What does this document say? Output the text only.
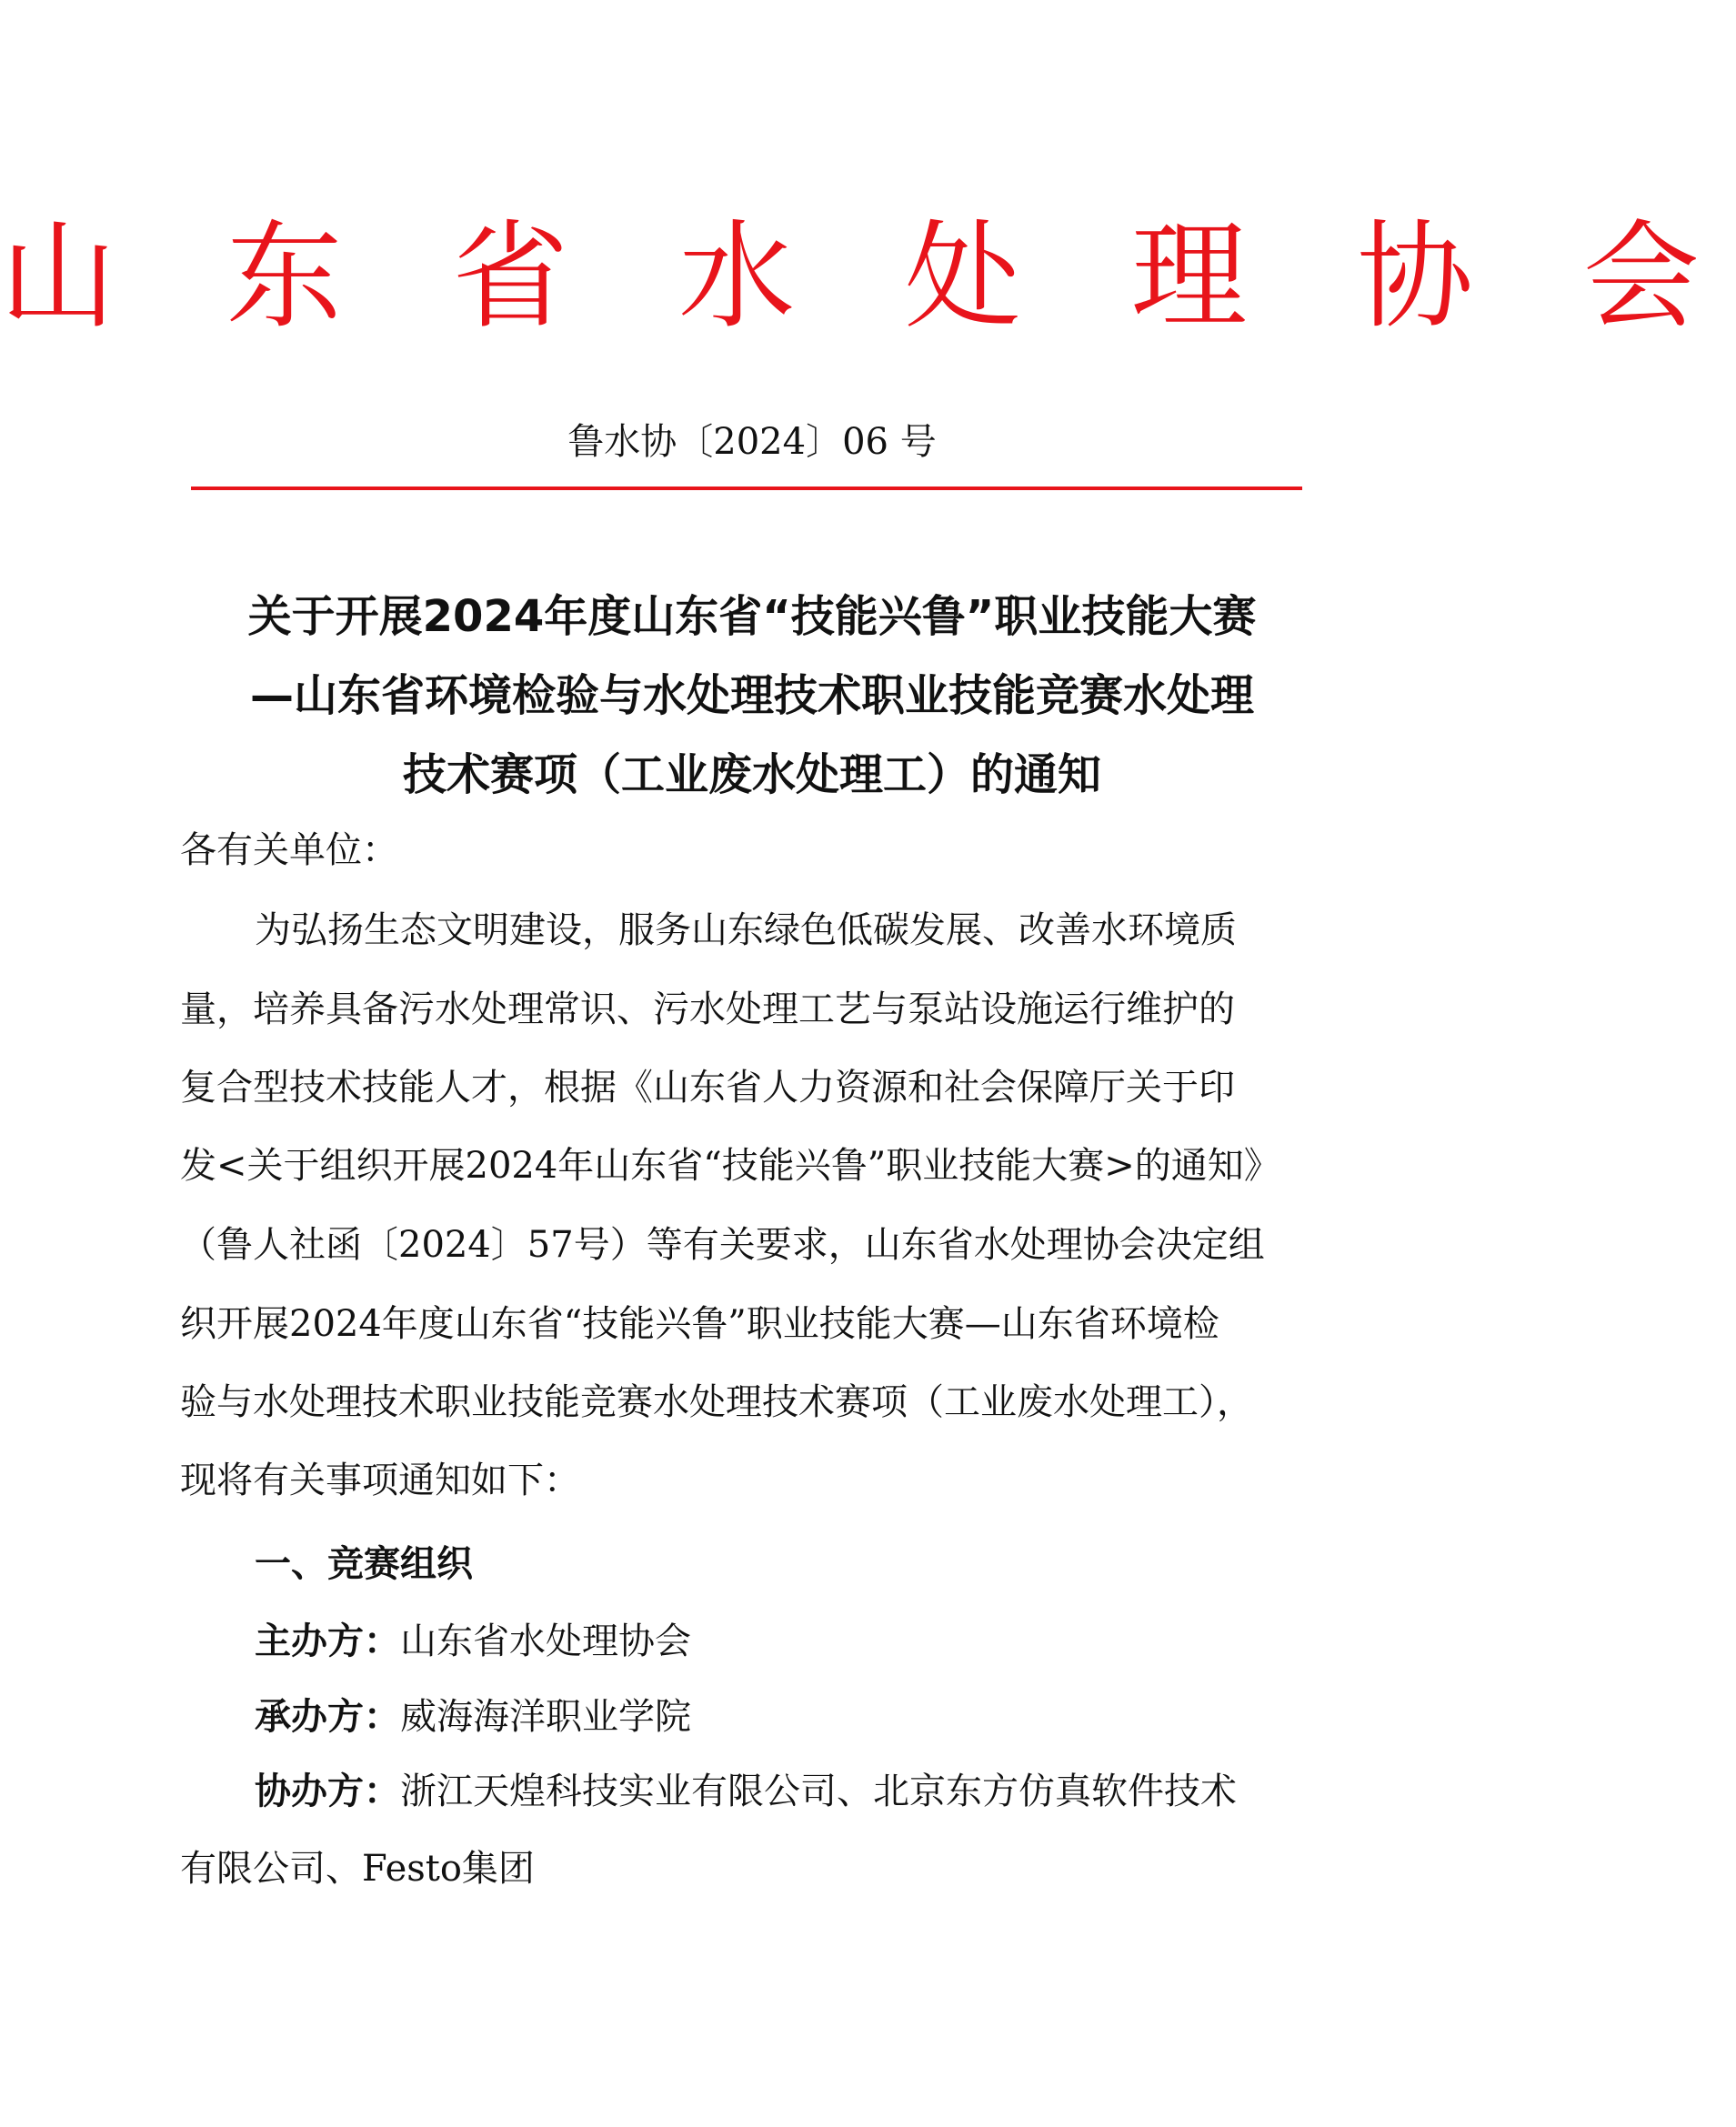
山 东 省 水 处 理 协 会
鲁水协〔2024〕06 号
关于开展2024年度山东省“技能兴鲁”职业技能大赛
—山东省环境检验与水处理技术职业技能竞赛水处理
技术赛项（工业废水处理工）的通知
各有关单位：
为弘扬生态文明建设，服务山东绿色低碳发展、改善水环境质
量，培养具备污水处理常识、污水处理工艺与泵站设施运行维护的
复合型技术技能人才，根据《山东省人力资源和社会保障厅关于印
发<关于组织开展2024年山东省“技能兴鲁”职业技能大赛>的通知》
（鲁人社函〔2024〕57号）等有关要求，山东省水处理协会决定组
织开展2024年度山东省“技能兴鲁”职业技能大赛—山东省环境检
验与水处理技术职业技能竞赛水处理技术赛项（工业废水处理工），
现将有关事项通知如下：
一、竞赛组织
主办方：山东省水处理协会
承办方：威海海洋职业学院
协办方：浙江天煌科技实业有限公司、北京东方仿真软件技术
有限公司、Festo集团
